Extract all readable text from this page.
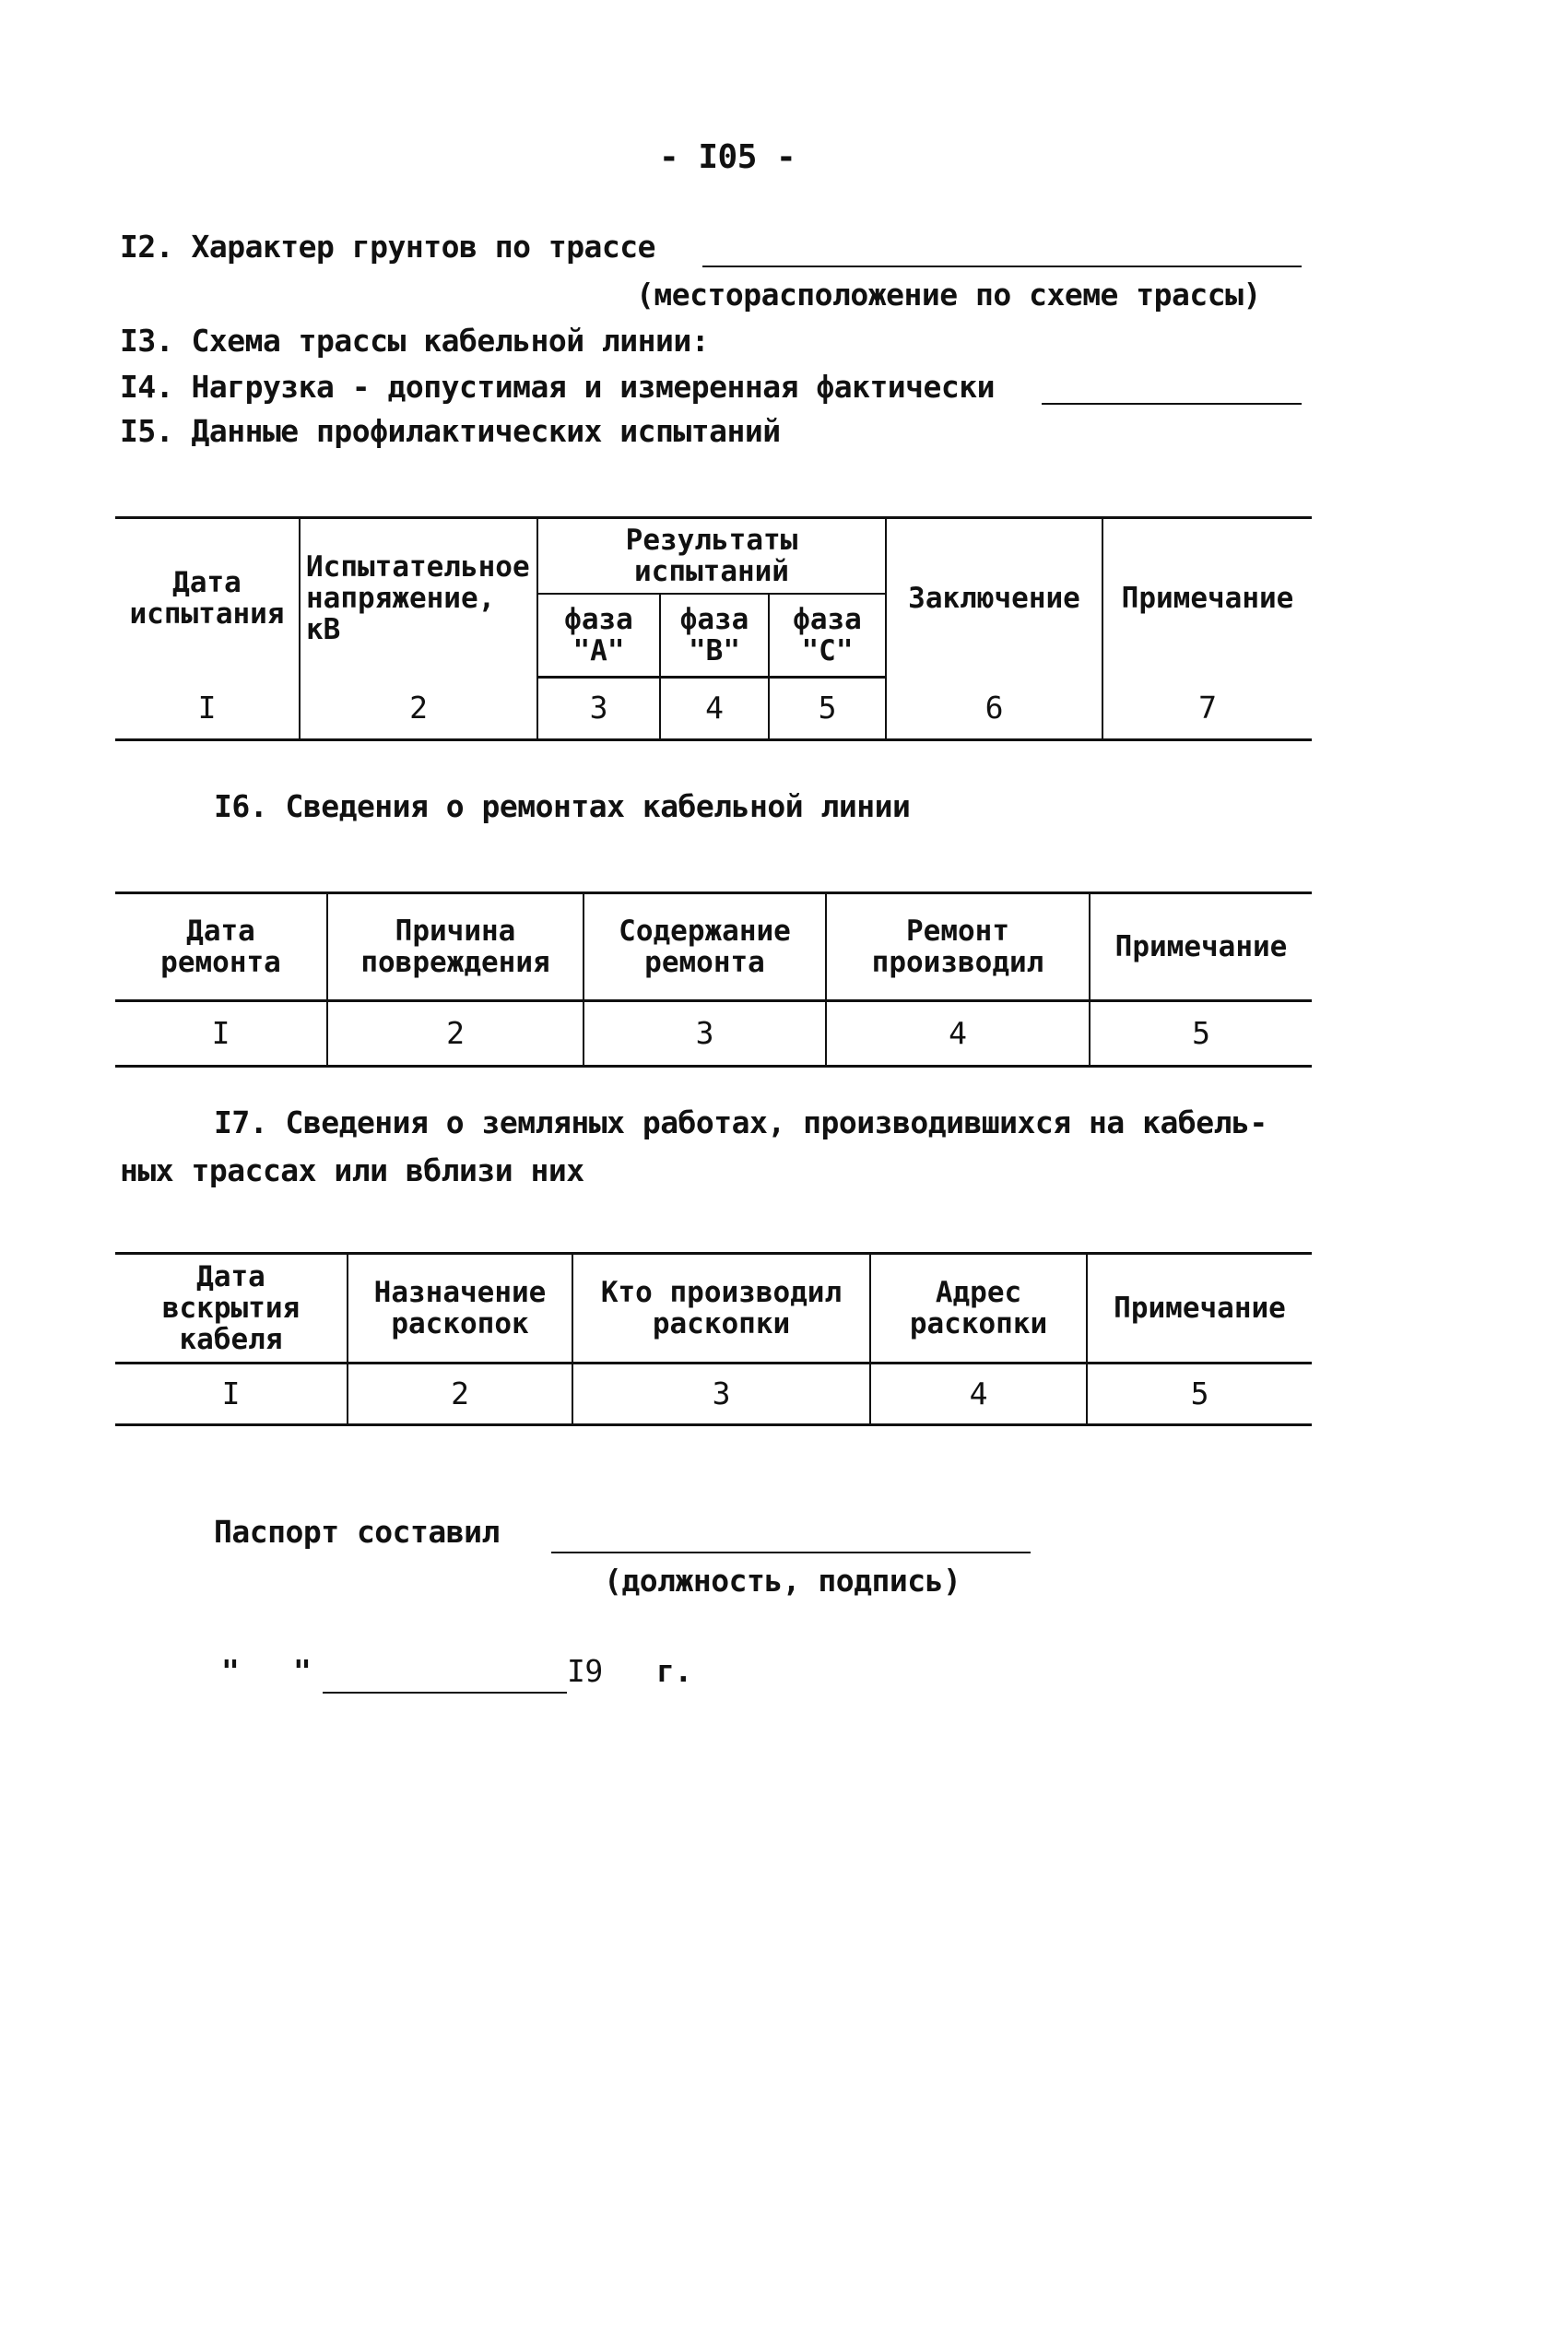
- I05 -
I2. Характер грунтов по трассе
(месторасположение по схеме трассы)
I3. Схема трассы кабельной линии:
I4. Нагрузка - допустимая и измеренная фактически
I5. Данные профилактических испытаний
Дата испытания	Испытательное напряжение, кВ	Результаты испытаний			Заключение	Примечание
		фаза "А"	фаза "В"	фаза "С"		
I	2	3	4	5	6	7
I6. Сведения о ремонтах кабельной линии
Дата ремонта	Причина повреждения	Содержание ремонта	Ремонт производил	Примечание
I	2	3	4	5
I7. Сведения о земляных работах, производившихся на кабель-
ных трассах или вблизи них
Дата вскрытия кабеля	Назначение раскопок	Кто производил раскопки	Адрес раскопки	Примечание
I	2	3	4	5
Паспорт составил
(должность, подпись)
" "	I9 г.
